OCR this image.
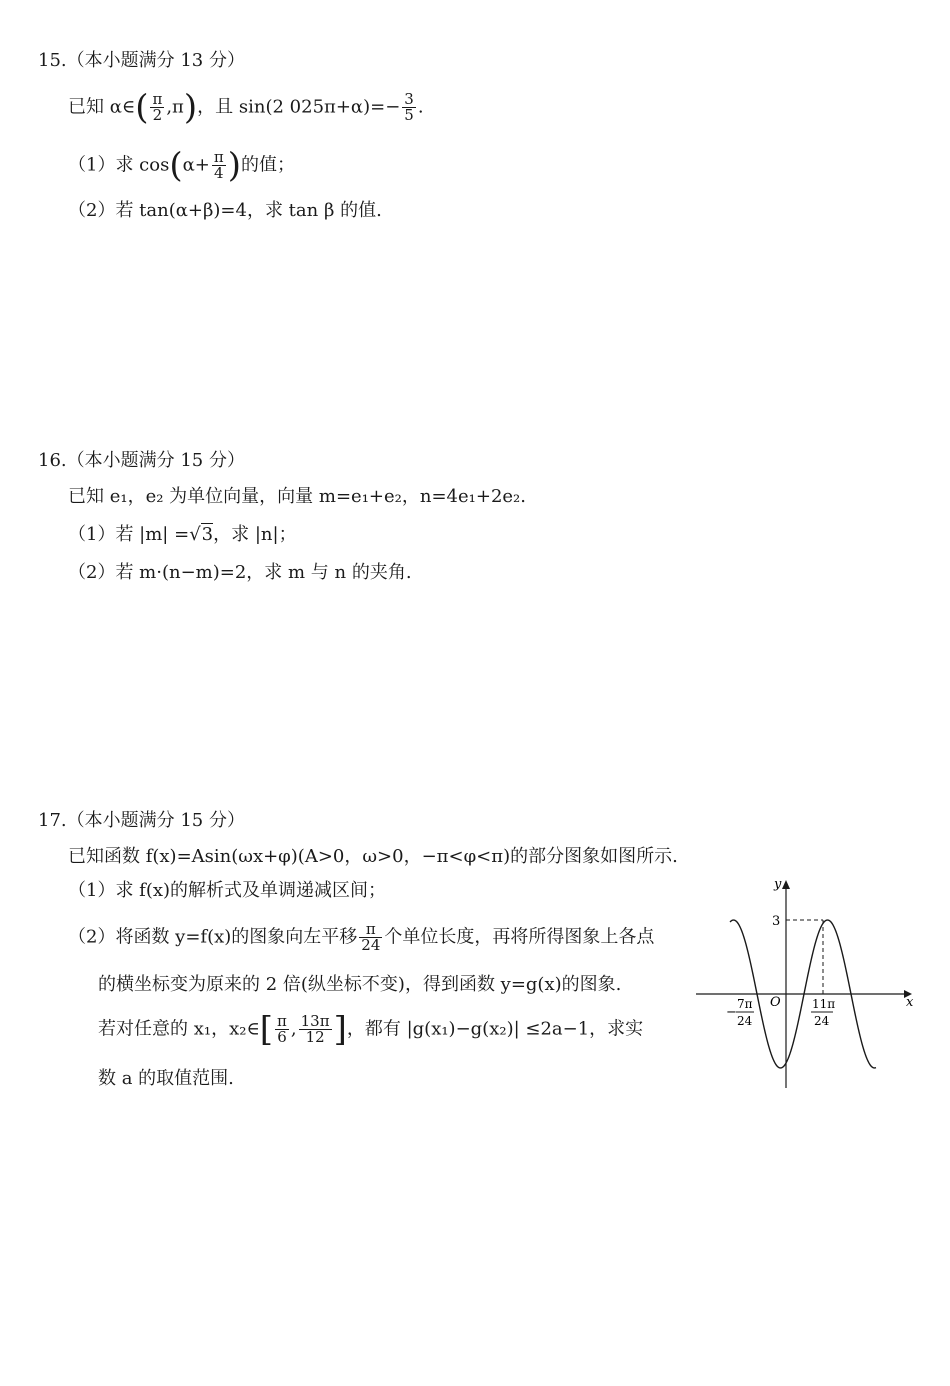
15.（本小题满分 13 分）
已知 α∈( $\frac{\pi}{2} ,\pi$)，且 sin(2 $025\pi+\alpha)=- \frac{3}{5}$ .
（1）求 $\cos(\alpha+ \frac{\pi}{4}$ )的值；
（2）若 tan(α+β)=4，求 tan β 的值.
16.（本小题满分 15 分）
已知 e₁，e₂ 为单位向量，向量 m=e₁+e₂，n=4e₁+2e₂.
（1）若 |m| =√3，求 |n|；
（2）若 m·(n−m)=2，求 m 与 n 的夹角.
17.（本小题满分 15 分）
已知函数 f(x)=Asin(ωx+φ)(A>0，ω>0，−π<φ<π)的部分图象如图所示.
（1）求 f(x)的解析式及单调递减区间；
（2）将函数 y=f(x)的图象向左平移 $\frac{\pi}{24}$ 个单位长度，再将所得图象上各点
的横坐标变为原来的 2 倍(纵坐标不变)，得到函数 y=g(x)的图象.
若对任意的 x₁，x₂∈[ $\frac{\pi}{6}$ , $\frac{13\pi}{12}$ ]，都有 |g(x₁)−g(x₂)| ≤2a−1，求实
数 a 的取值范围.
y
x
O
3
−
7π
24
11π
24
